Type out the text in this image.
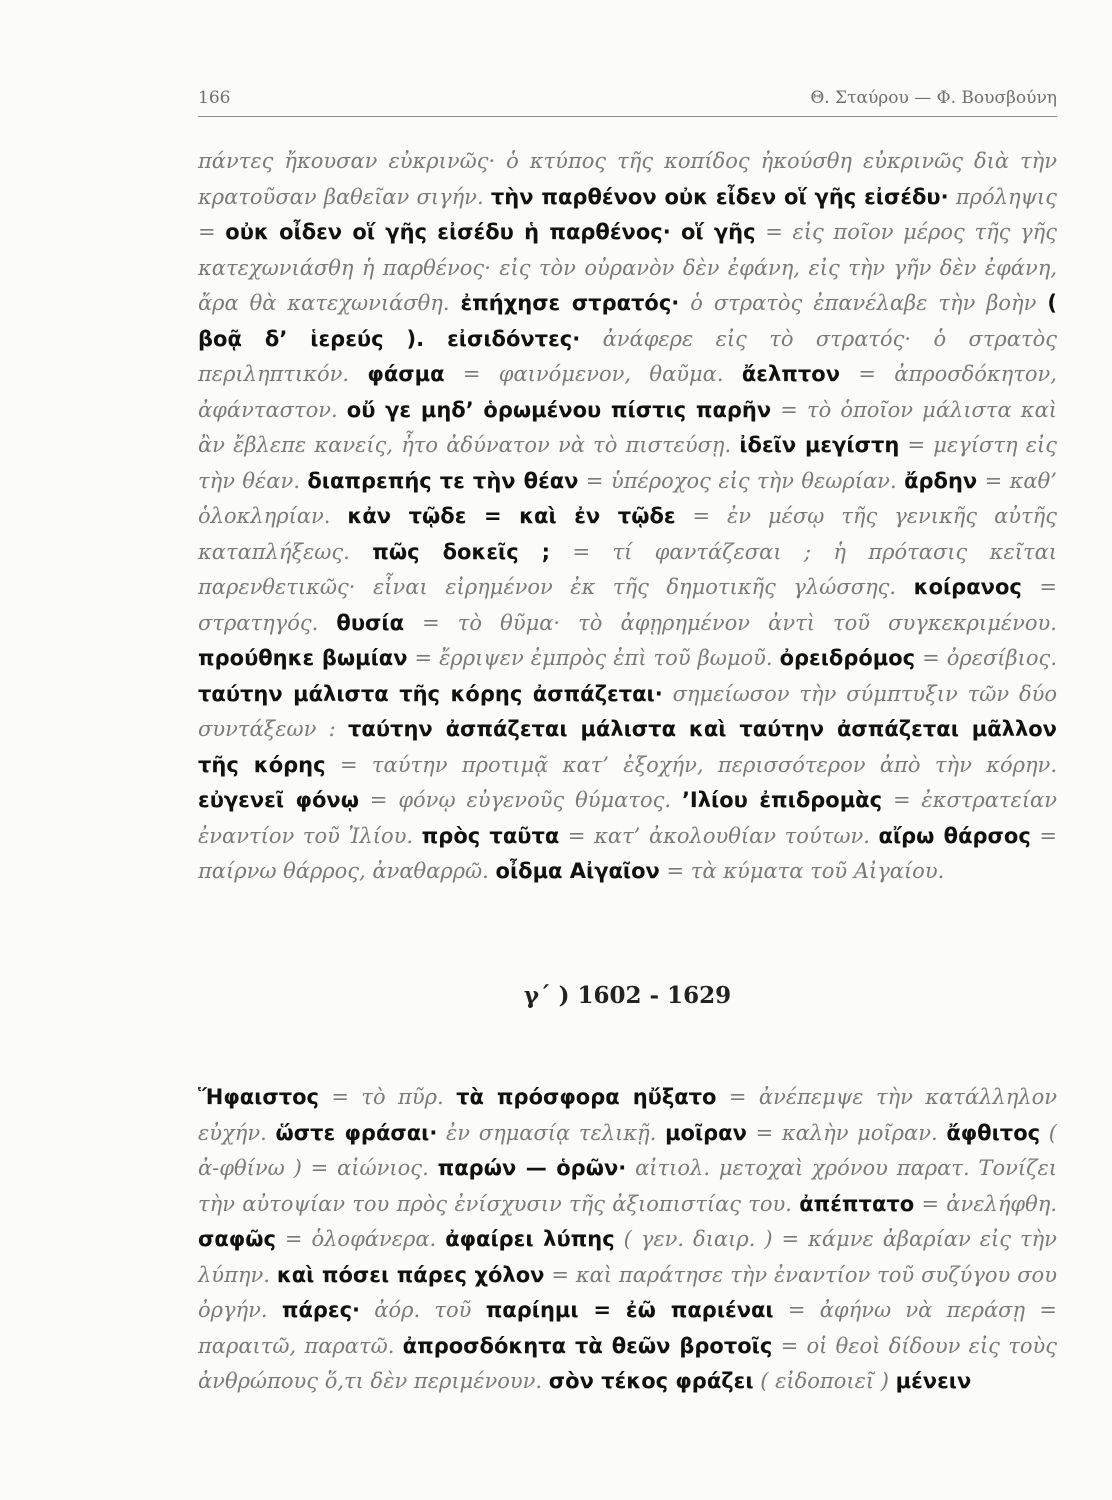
166	Θ. Σταύρου — Φ. Βουσβούνη

πάντες ἤκουσαν εὐκρινῶς· ὁ κτύπος τῆς κοπίδος ἠκούσθη εὐκρινῶς διὰ τὴν κρατοῦσαν βαθεῖαν σιγήν. τὴν παρθένον οὐκ εἶδεν οἵ γῆς εἰσέδυ· πρόληψις = οὐκ οἶδεν οἵ γῆς εἰσέδυ ἡ παρθένος· οἵ γῆς = εἰς ποῖον μέρος τῆς γῆς κατεχωνιάσθη ἡ παρθένος· εἰς τὸν οὐρανὸν δὲν ἐφάνη, εἰς τὴν γῆν δὲν ἐφάνη, ἄρα θὰ κατεχωνιάσθη. ἐπήχησε στρατός· ὁ στρατὸς ἐπανέλαβε τὴν βοὴν ( βοᾷ δ’ ἱερεύς ). εἰσιδόντες· ἀνάφερε εἰς τὸ στρατός· ὁ στρατὸς περιληπτικόν. φάσμα = φαινόμενον, θαῦμα. ἄελπτον = ἀπροσδόκητον, ἀφάνταστον. οὔ γε μηδ’ ὁρωμένου πίστις παρῆν = τὸ ὁποῖον μάλιστα καὶ ἂν ἔβλεπε κανείς, ἦτο ἀδύνατον νὰ τὸ πιστεύσῃ. ἰδεῖν μεγίστη = μεγίστη εἰς τὴν θέαν. διαπρεπής τε τὴν θέαν = ὑπέροχος εἰς τὴν θεωρίαν. ἄρδην = καθ’ ὁλοκληρίαν. κἀν τῷδε = καὶ ἐν τῷδε = ἐν μέσῳ τῆς γενικῆς αὐτῆς καταπλήξεως. πῶς δοκεῖς ; = τί φαντάζεσαι ; ἡ πρότασις κεῖται παρενθετικῶς· εἶναι εἰρημένον ἐκ τῆς δημοτικῆς γλώσσης. κοίρανος = στρατηγός. θυσία = τὸ θῦμα· τὸ ἀφῃρημένον ἀντὶ τοῦ συγκεκριμένου. προύθηκε βωμίαν = ἔρριψεν ἐμπρὸς ἐπὶ τοῦ βωμοῦ. ὀρειδρόμος = ὀρεσίβιος. ταύτην μάλιστα τῆς κόρης ἀσπάζεται· σημείωσον τὴν σύμπτυξιν τῶν δύο συντάξεων : ταύτην ἀσπάζεται μάλιστα καὶ ταύτην ἀσπάζεται μᾶλλον τῆς κόρης = ταύτην προτιμᾷ κατ’ ἐξοχήν, περισσότερον ἀπὸ τὴν κόρην. εὐγενεῖ φόνῳ = φόνῳ εὐγενοῦς θύματος. ’Ιλίου ἐπιδρομὰς = ἐκστρατείαν ἐναντίον τοῦ Ἰλίου. πρὸς ταῦτα = κατ’ ἀκολουθίαν τούτων. αἴρω θάρσος = παίρνω θάρρος, ἀναθαρρῶ. οἶδμα Αἰγαῖον = τὰ κύματα τοῦ Αἰγαίου.

γ΄ ) 1602 - 1629

Ἥφαιστος = τὸ πῦρ. τὰ πρόσφορα ηὔξατο = ἀνέπεμψε τὴν κατάλληλον εὐχήν. ὥστε φράσαι· ἐν σημασίᾳ τελικῇ. μοῖραν = καλὴν μοῖραν. ἄφθιτος ( ἀ-φθίνω ) = αἰώνιος. παρών — ὁρῶν· αἰτιολ. μετοχαὶ χρόνου παρατ. Τονίζει τὴν αὐτοψίαν του πρὸς ἐνίσχυσιν τῆς ἀξιοπιστίας του. ἀπέπτατο = ἀνελήφθη. σαφῶς = ὁλοφάνερα. ἀφαίρει λύπης ( γεν. διαιρ. ) = κάμνε ἀβαρίαν εἰς τὴν λύπην. καὶ πόσει πάρες χόλον = καὶ παράτησε τὴν ἐναντίον τοῦ συζύγου σου ὀργήν. πάρες· ἀόρ. τοῦ παρίημι = ἐῶ παριέναι = ἀφήνω νὰ περάσῃ = παραιτῶ, παρατῶ. ἀπροσδόκητα τὰ θεῶν βροτοῖς = οἱ θεοὶ δίδουν εἰς τοὺς ἀνθρώπους ὅ,τι δὲν περιμένουν. σὸν τέκος φράζει ( εἰδοποιεῖ ) μένειν
